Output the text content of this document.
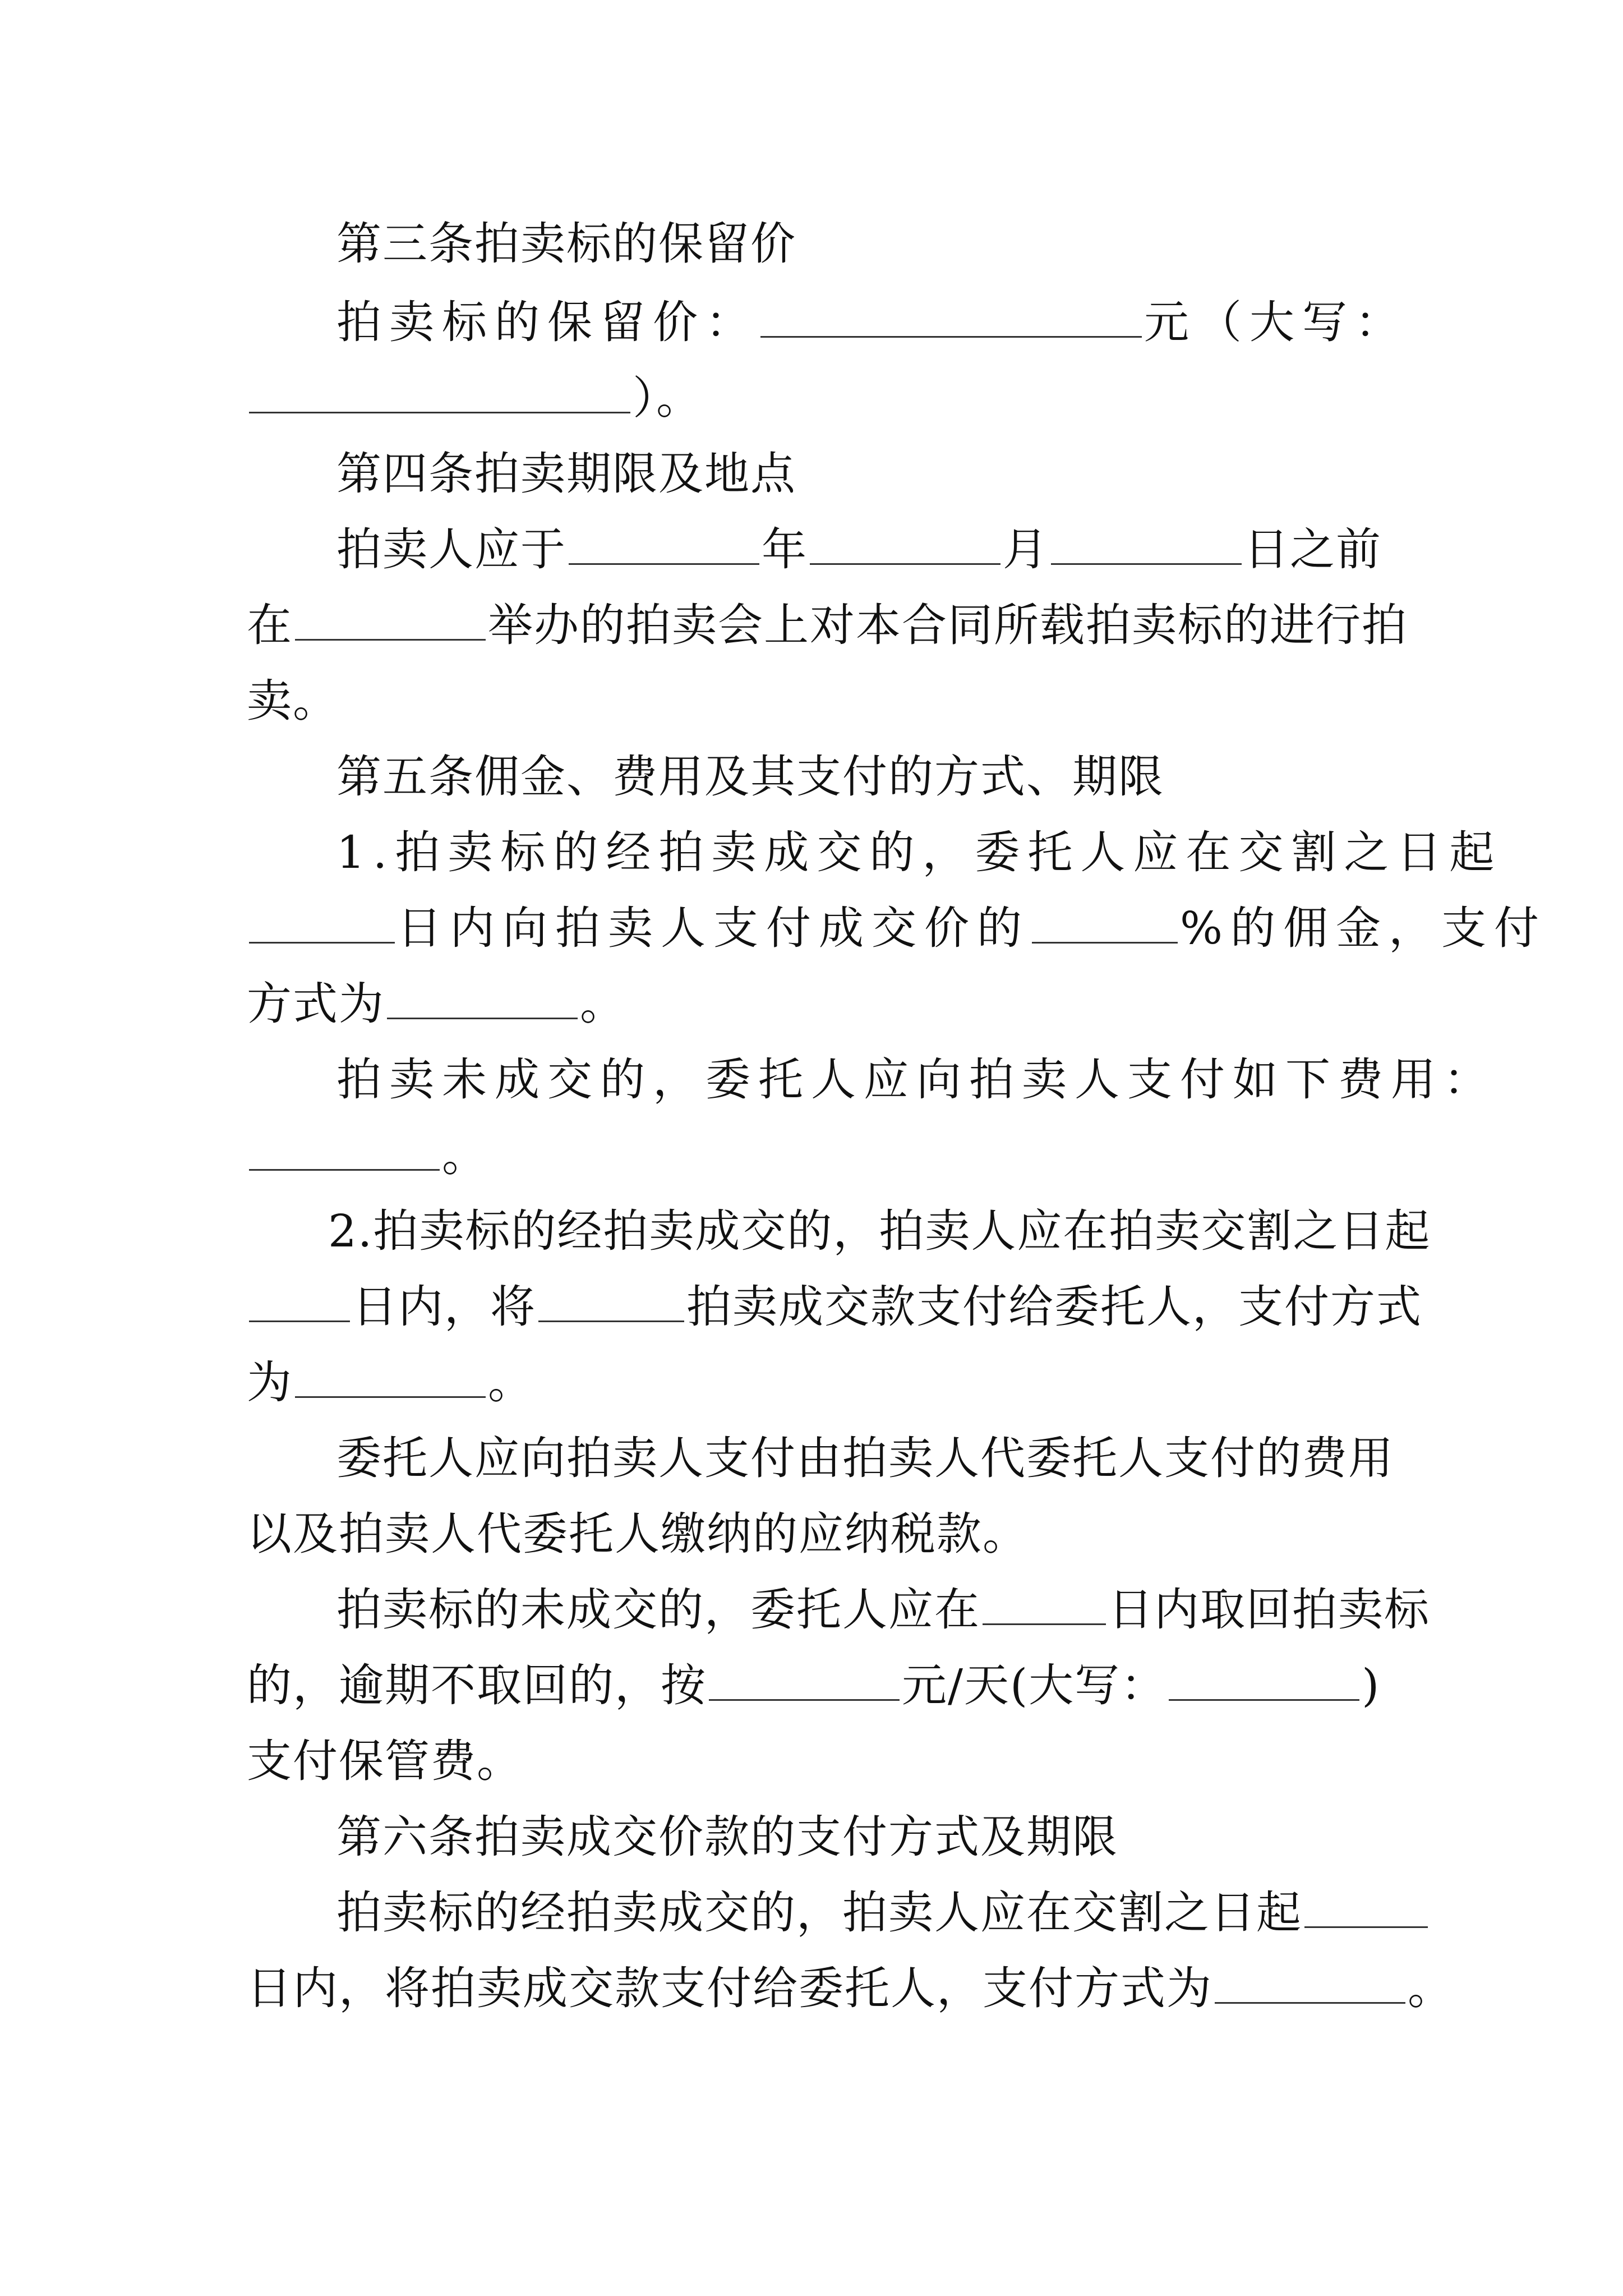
第三条拍卖标的保留价
拍卖标的保留价：	元（大写：
）。
第四条拍卖期限及地点
拍卖人应于	年	月	日之前
在	举办的拍卖会上对本合同所载拍卖标的进行拍
卖。
第五条佣金、费用及其支付的方式、期限
1.拍卖标的经拍卖成交的，委托人应在交割之日起
日内向拍卖人支付成交价的	%的佣金，支付
方式为	。
拍卖未成交的，委托人应向拍卖人支付如下费用：
。
2.拍卖标的经拍卖成交的，拍卖人应在拍卖交割之日起
日内，将	拍卖成交款支付给委托人，支付方式
为	。
委托人应向拍卖人支付由拍卖人代委托人支付的费用
以及拍卖人代委托人缴纳的应纳税款。
拍卖标的未成交的，委托人应在	日内取回拍卖标
的，逾期不取回的，按	元/天(大写：	)
支付保管费。
第六条拍卖成交价款的支付方式及期限
拍卖标的经拍卖成交的，拍卖人应在交割之日起
日内，将拍卖成交款支付给委托人，支付方式为	。
